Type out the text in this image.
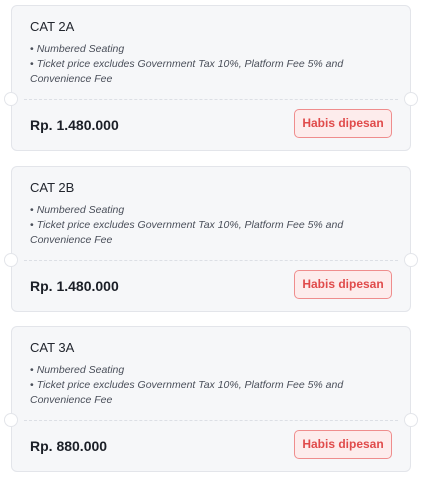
CAT 2A
• Numbered Seating
• Ticket price excludes Government Tax 10%, Platform Fee 5% and Convenience Fee
Rp. 1.480.000	Habis dipesan
CAT 2B
• Numbered Seating
• Ticket price excludes Government Tax 10%, Platform Fee 5% and Convenience Fee
Rp. 1.480.000	Habis dipesan
CAT 3A
• Numbered Seating
• Ticket price excludes Government Tax 10%, Platform Fee 5% and Convenience Fee
Rp. 880.000	Habis dipesan
